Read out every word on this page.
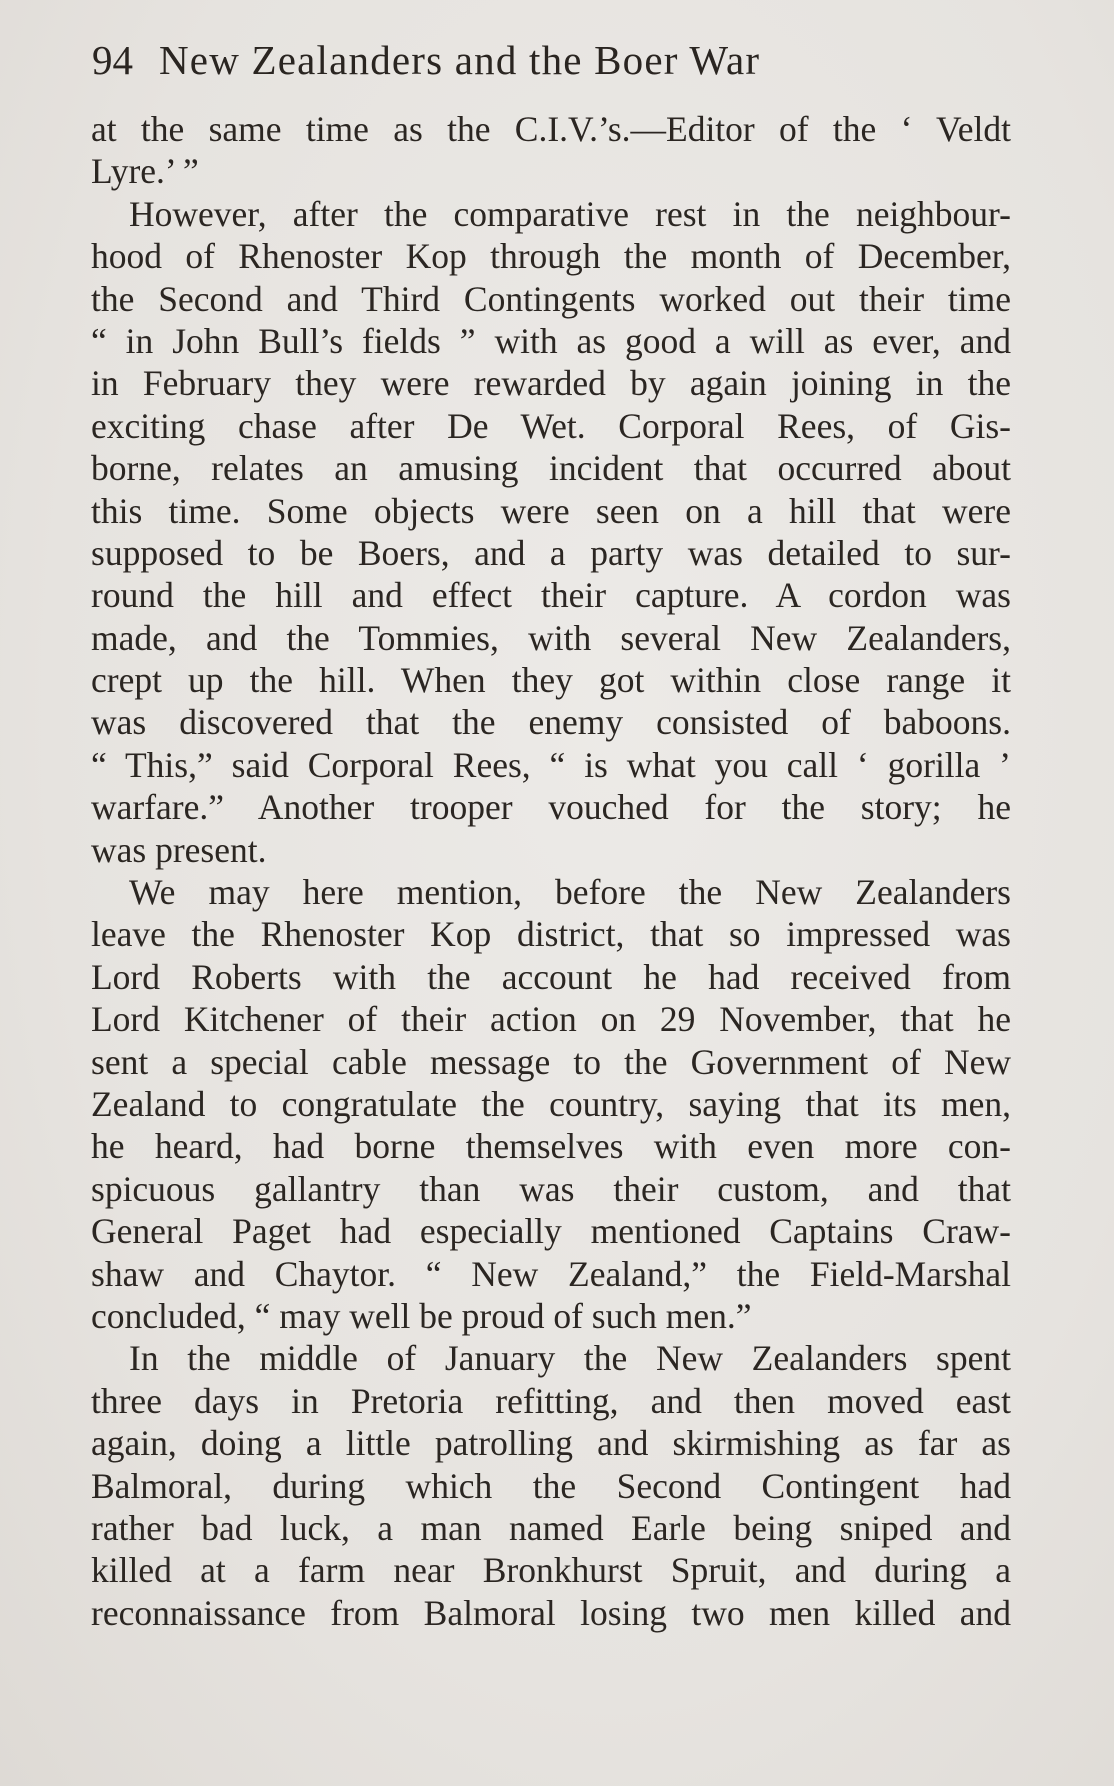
94 New Zealanders and the Boer War
at the same time as the C.I.V.’s.—Editor of the ‘ Veldt
Lyre.’ ”
However, after the comparative rest in the neighbour-
hood of Rhenoster Kop through the month of December,
the Second and Third Contingents worked out their time
“ in John Bull’s fields ” with as good a will as ever, and
in February they were rewarded by again joining in the
exciting chase after De Wet. Corporal Rees, of Gis-
borne, relates an amusing incident that occurred about
this time. Some objects were seen on a hill that were
supposed to be Boers, and a party was detailed to sur-
round the hill and effect their capture. A cordon was
made, and the Tommies, with several New Zealanders,
crept up the hill. When they got within close range it
was discovered that the enemy consisted of baboons.
“ This,” said Corporal Rees, “ is what you call ‘ gorilla ’
warfare.” Another trooper vouched for the story; he
was present.
We may here mention, before the New Zealanders
leave the Rhenoster Kop district, that so impressed was
Lord Roberts with the account he had received from
Lord Kitchener of their action on 29 November, that he
sent a special cable message to the Government of New
Zealand to congratulate the country, saying that its men,
he heard, had borne themselves with even more con-
spicuous gallantry than was their custom, and that
General Paget had especially mentioned Captains Craw-
shaw and Chaytor. “ New Zealand,” the Field-Marshal
concluded, “ may well be proud of such men.”
In the middle of January the New Zealanders spent
three days in Pretoria refitting, and then moved east
again, doing a little patrolling and skirmishing as far as
Balmoral, during which the Second Contingent had
rather bad luck, a man named Earle being sniped and
killed at a farm near Bronkhurst Spruit, and during a
reconnaissance from Balmoral losing two men killed and
